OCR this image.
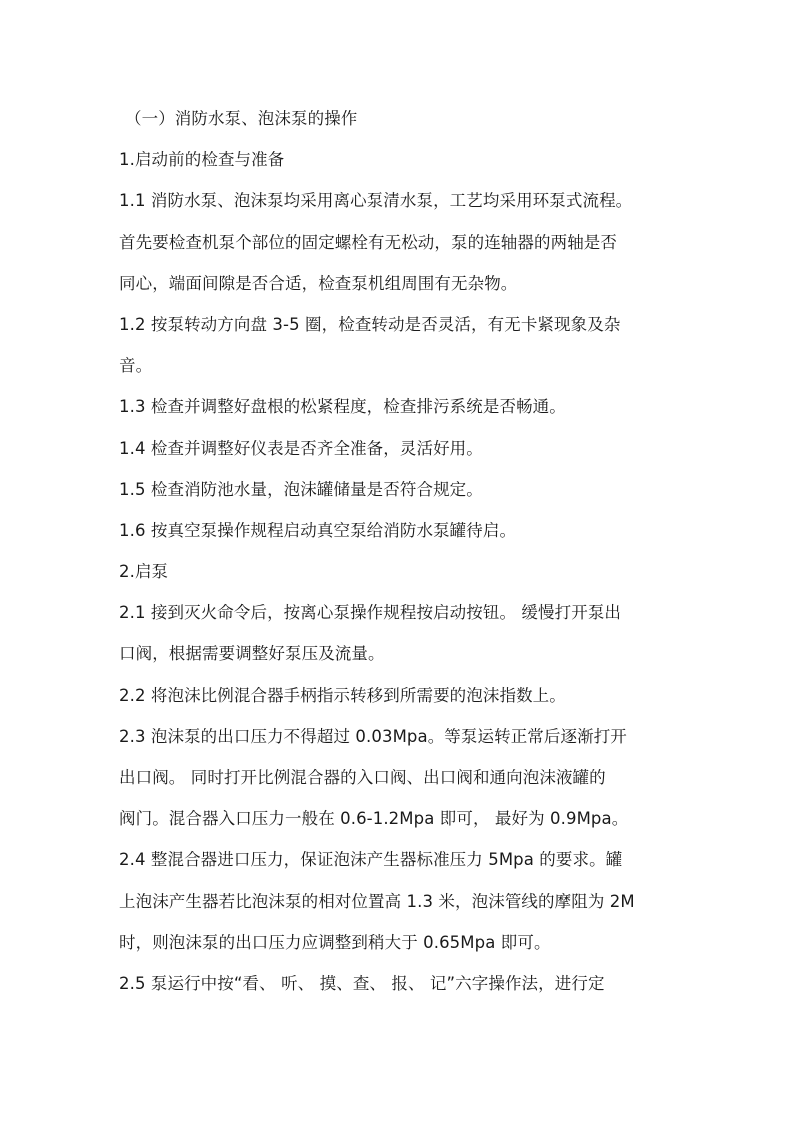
（一）消防水泵、泡沫泵的操作
1.启动前的检查与准备
1.1 消防水泵、泡沫泵均采用离心泵清水泵，工艺均采用环泵式流程。
首先要检查机泵个部位的固定螺栓有无松动，泵的连轴器的两轴是否
同心，端面间隙是否合适，检查泵机组周围有无杂物。
1.2 按泵转动方向盘 3-5 圈，检查转动是否灵活，有无卡紧现象及杂
音。
1.3 检查并调整好盘根的松紧程度，检查排污系统是否畅通。
1.4 检查并调整好仪表是否齐全准备，灵活好用。
1.5 检查消防池水量，泡沫罐储量是否符合规定。
1.6 按真空泵操作规程启动真空泵给消防水泵罐待启。
2.启泵
2.1 接到灭火命令后，按离心泵操作规程按启动按钮。 缓慢打开泵出
口阀，根据需要调整好泵压及流量。
2.2 将泡沫比例混合器手柄指示转移到所需要的泡沫指数上。
2.3 泡沫泵的出口压力不得超过 0.03Mpa。等泵运转正常后逐渐打开
出口阀。 同时打开比例混合器的入口阀、出口阀和通向泡沫液罐的
阀门。混合器入口压力一般在 0.6-1.2Mpa 即可， 最好为 0.9Mpa。
2.4 整混合器进口压力，保证泡沫产生器标准压力 5Mpa 的要求。罐
上泡沫产生器若比泡沫泵的相对位置高 1.3 米，泡沫管线的摩阻为 2M
时，则泡沫泵的出口压力应调整到稍大于 0.65Mpa 即可。
2.5 泵运行中按“看、 听、 摸、查、 报、 记”六字操作法，进行定
